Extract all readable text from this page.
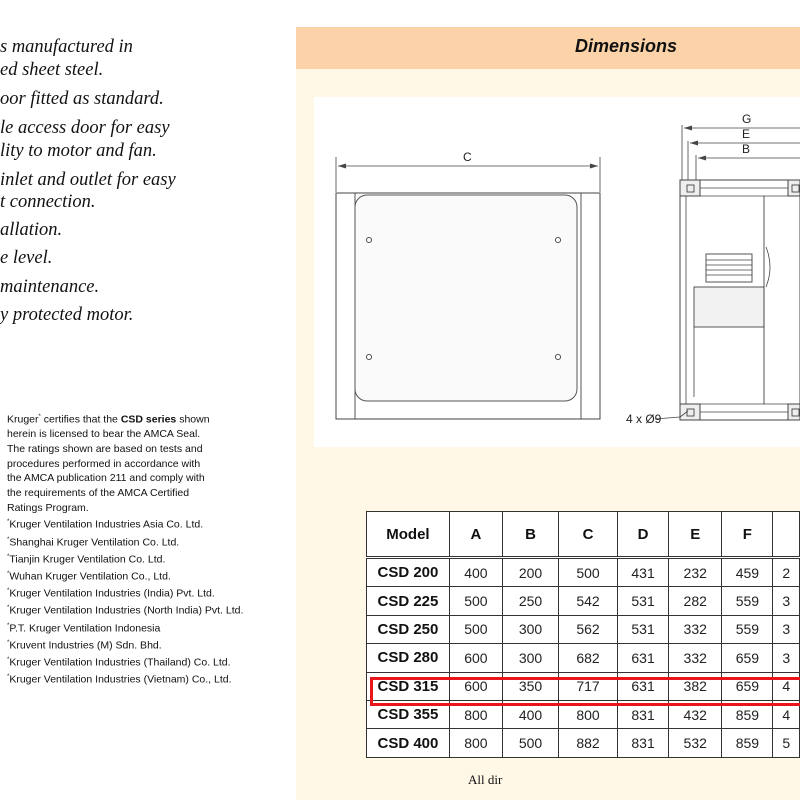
s manufactured in
ed sheet steel.
oor fitted as standard.
le access door for easy
lity to motor and fan.
inlet and outlet for easy
t connection.
allation.
e level.
maintenance.
y protected motor.
Kruger* certifies that the CSD series shown
herein is licensed to bear the AMCA Seal.
The ratings shown are based on tests and
procedures performed in accordance with
the AMCA publication 211 and comply with
the requirements of the AMCA Certified
Ratings Program.
*Kruger Ventilation Industries Asia Co. Ltd.
*Shanghai Kruger Ventilation Co. Ltd.
*Tianjin Kruger Ventilation Co. Ltd.
*Wuhan Kruger Ventilation Co., Ltd.
*Kruger Ventilation Industries (India) Pvt. Ltd.
*Kruger Ventilation Industries (North India) Pvt. Ltd.
*P.T. Kruger Ventilation Indonesia
*Kruvent Industries (M) Sdn. Bhd.
*Kruger Ventilation Industries (Thailand) Co. Ltd.
*Kruger Ventilation Industries (Vietnam) Co., Ltd.
Dimensions
C
G
E
B
4 x Ø9
Model	A	B	C	D	E	F	
CSD 200	400	200	500	431	232	459	2
CSD 225	500	250	542	531	282	559	3
CSD 250	500	300	562	531	332	559	3
CSD 280	600	300	682	631	332	659	3
CSD 315	600	350	717	631	382	659	4
CSD 355	800	400	800	831	432	859	4
CSD 400	800	500	882	831	532	859	5
All dir
